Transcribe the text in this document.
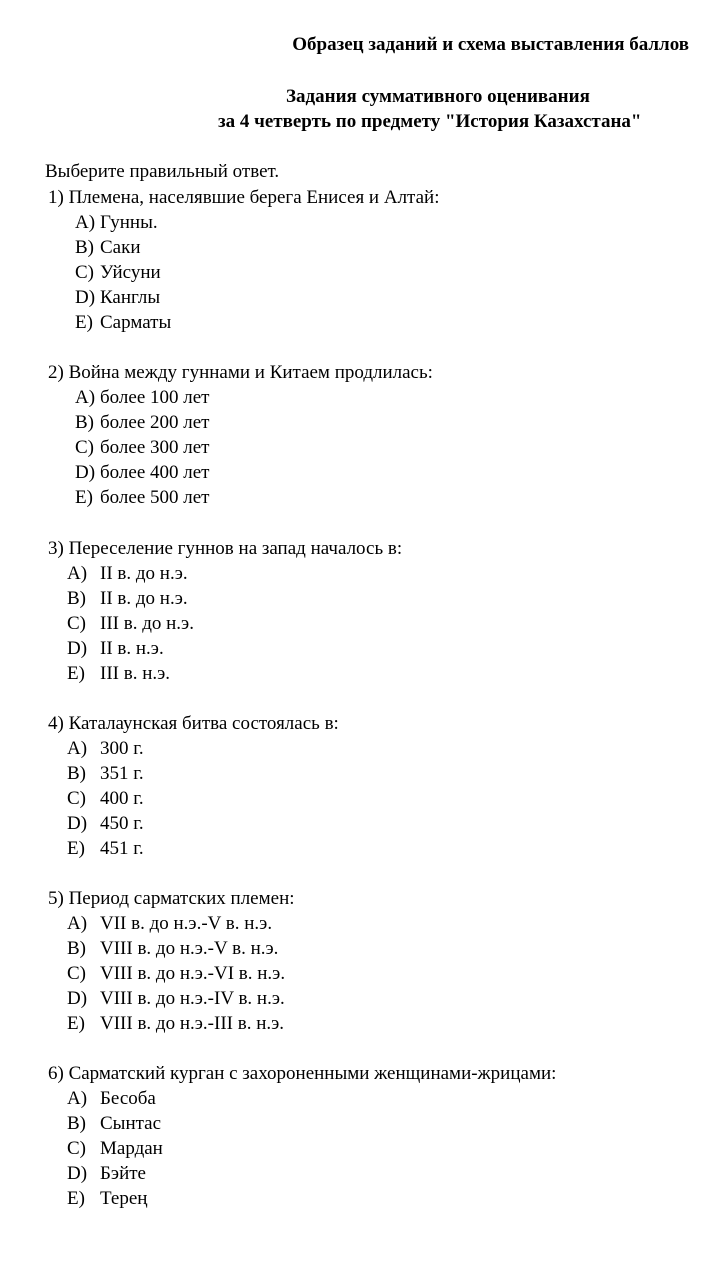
Образец заданий и схема выставления баллов
Задания суммативного оценивания
за 4 четверть по предмету "История Казахстана"
Выберите правильный ответ.
1) Племена, населявшие берега Енисея и Алтай:
A) Гунны.
B) Саки
C) Уйсуни
D) Канглы
E) Сарматы
2) Война между гуннами и Китаем продлилась:
A) более 100 лет
B) более 200 лет
C) более 300 лет
D) более 400 лет
E) более 500 лет
3) Переселение гуннов на запад началось в:
A) II в. до н.э.
B) II в. до н.э.
C) III в. до н.э.
D) II в. н.э.
E) III в. н.э.
4) Каталаунская битва состоялась в:
A) 300 г.
B) 351 г.
C) 400 г.
D) 450 г.
E) 451 г.
5) Период сарматских племен:
A) VII в. до н.э.-V в. н.э.
B) VIII в. до н.э.-V в. н.э.
C) VIII в. до н.э.-VI в. н.э.
D) VIII в. до н.э.-IV в. н.э.
E) VIII в. до н.э.-III в. н.э.
6) Сарматский курган с захороненными женщинами-жрицами:
A) Бесоба
B) Сынтас
C) Мардан
D) Бэйте
E) Терең
